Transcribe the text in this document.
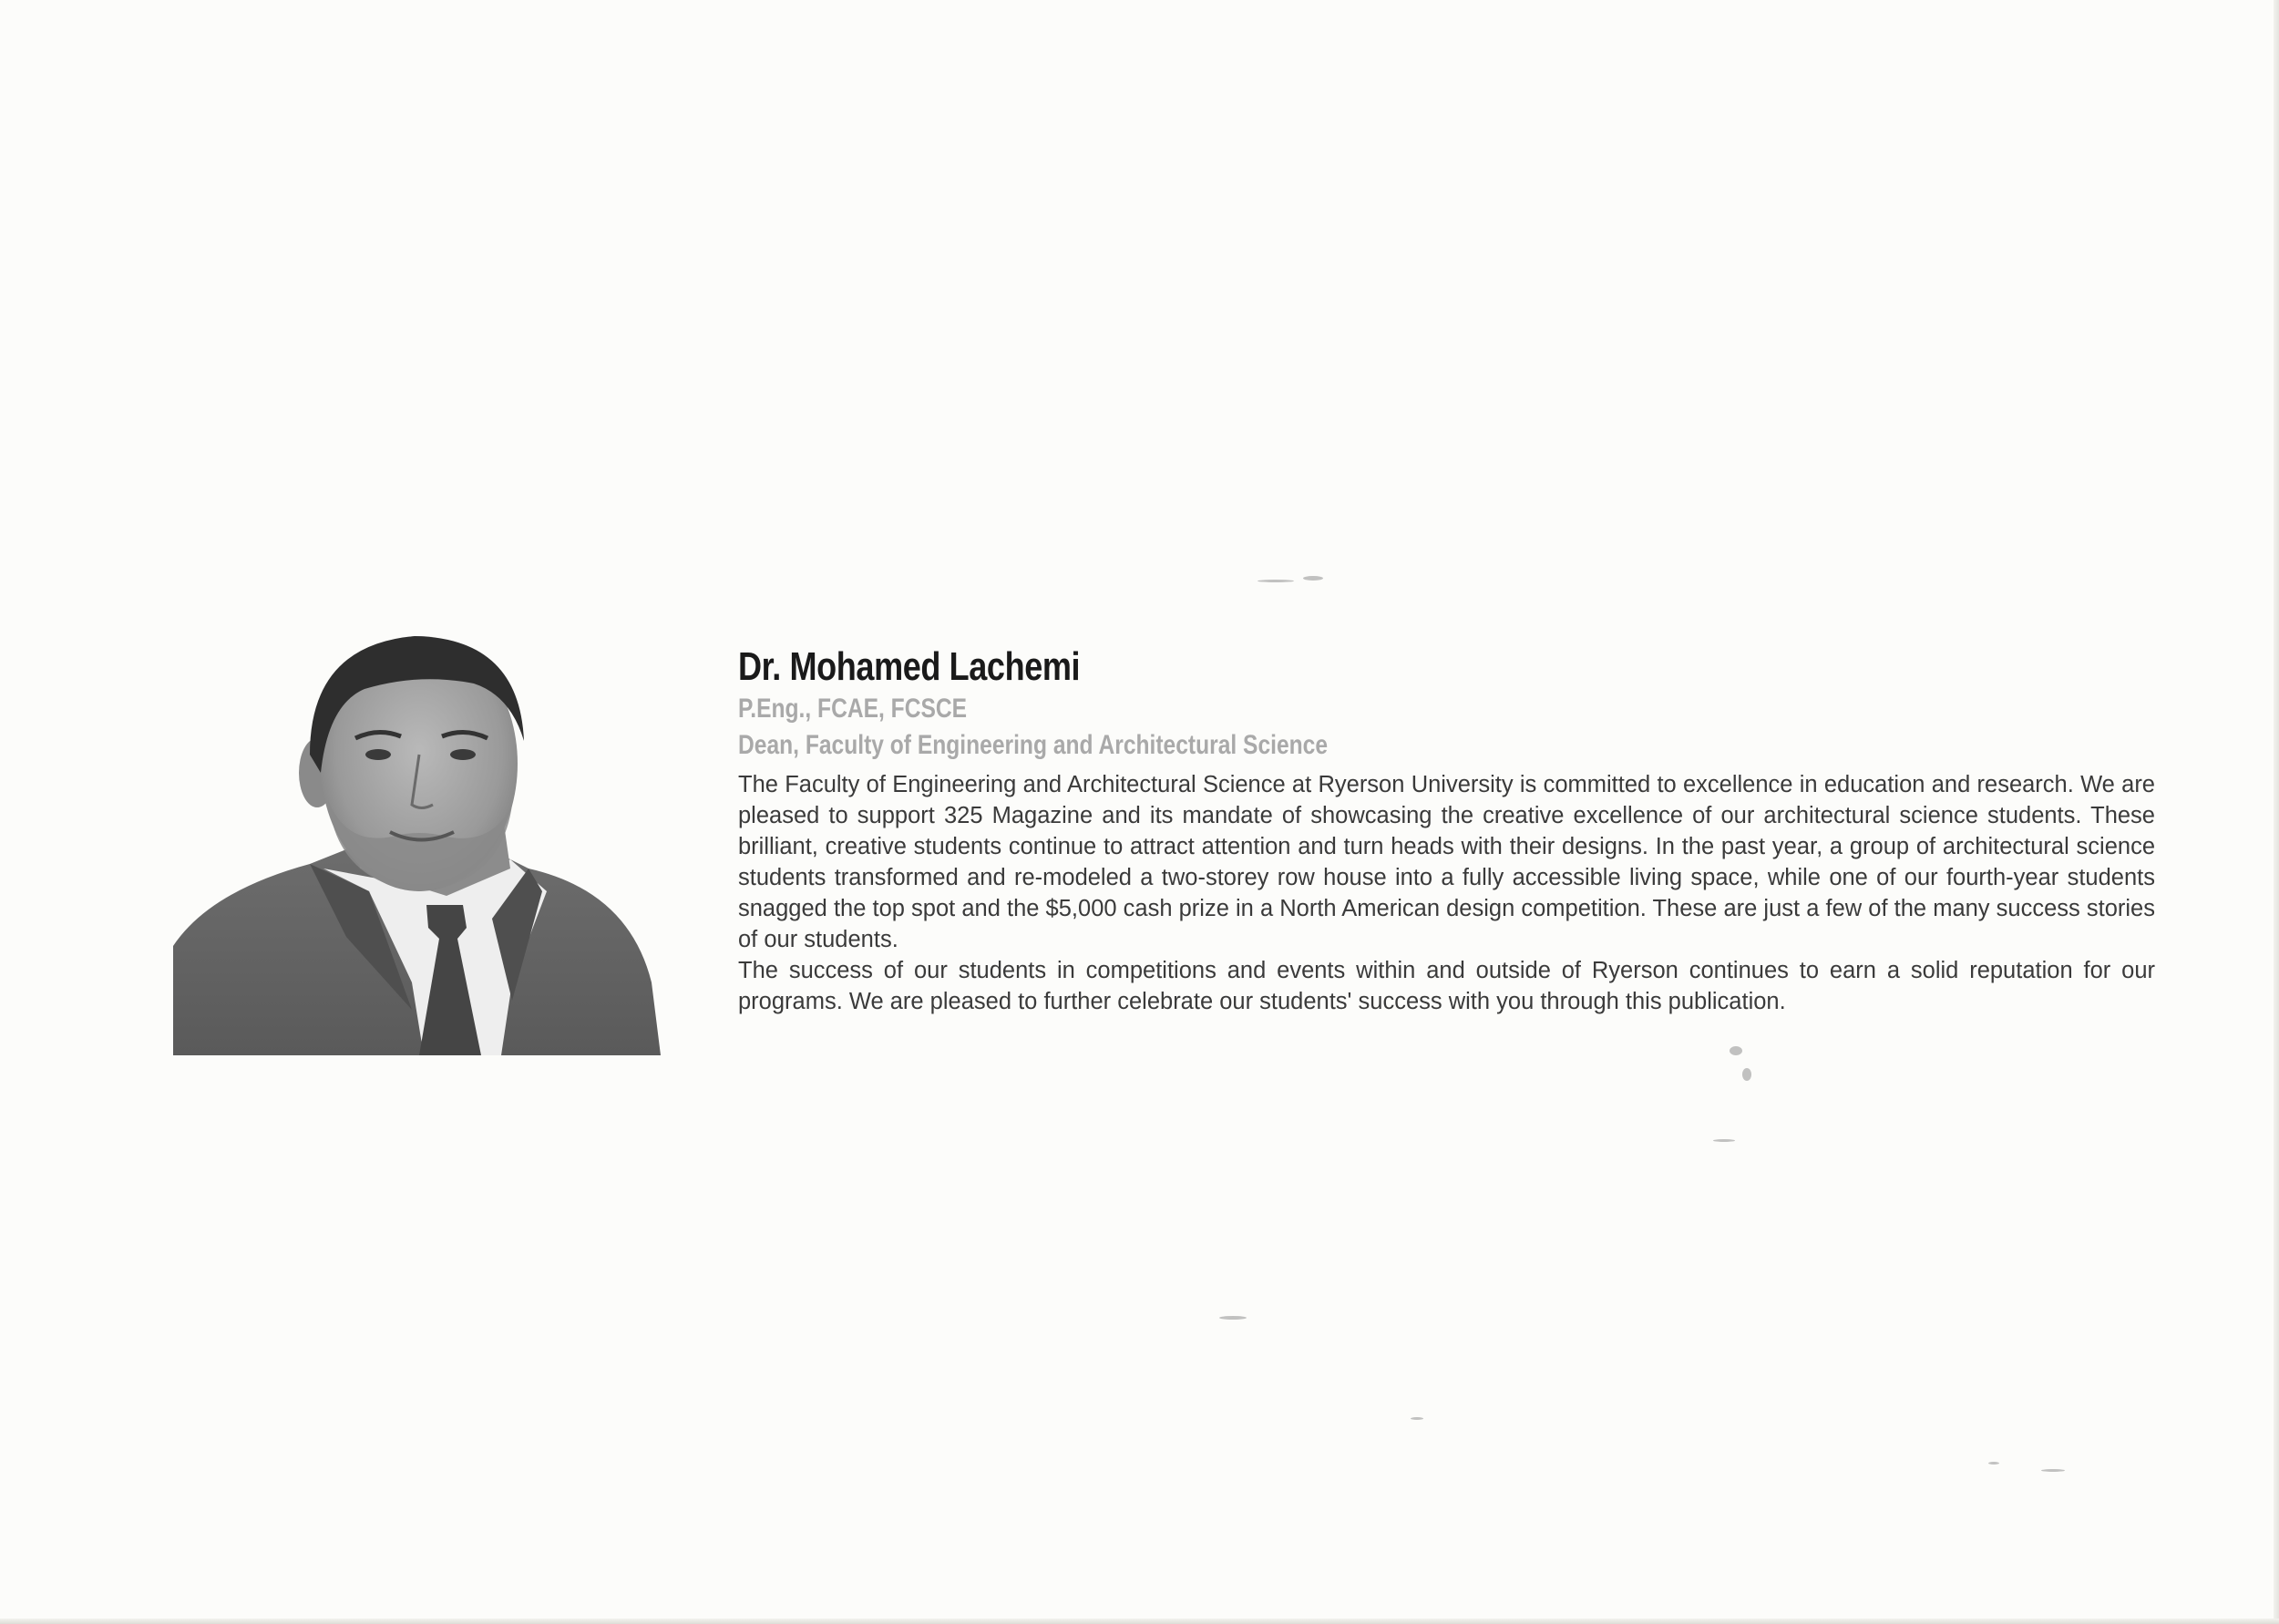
Dr. Mohamed Lachemi

P.Eng., FCAE, FCSCE

Dean, Faculty of Engineering and Architectural Science

The Faculty of Engineering and Architectural Science at Ryerson University is committed to excellence in education and research. We are pleased to support 325 Magazine and its mandate of showcasing the creative excellence of our architectural science students. These brilliant, creative students continue to attract attention and turn heads with their designs. In the past year, a group of architectural science students transformed and re-modeled a two-storey row house into a fully accessible living space, while one of our fourth-year students snagged the top spot and the $5,000 cash prize in a North American design competition. These are just a few of the many success stories of our students.

The success of our students in competitions and events within and outside of Ryerson continues to earn a solid reputation for our programs. We are pleased to further celebrate our students' success with you through this publication.
